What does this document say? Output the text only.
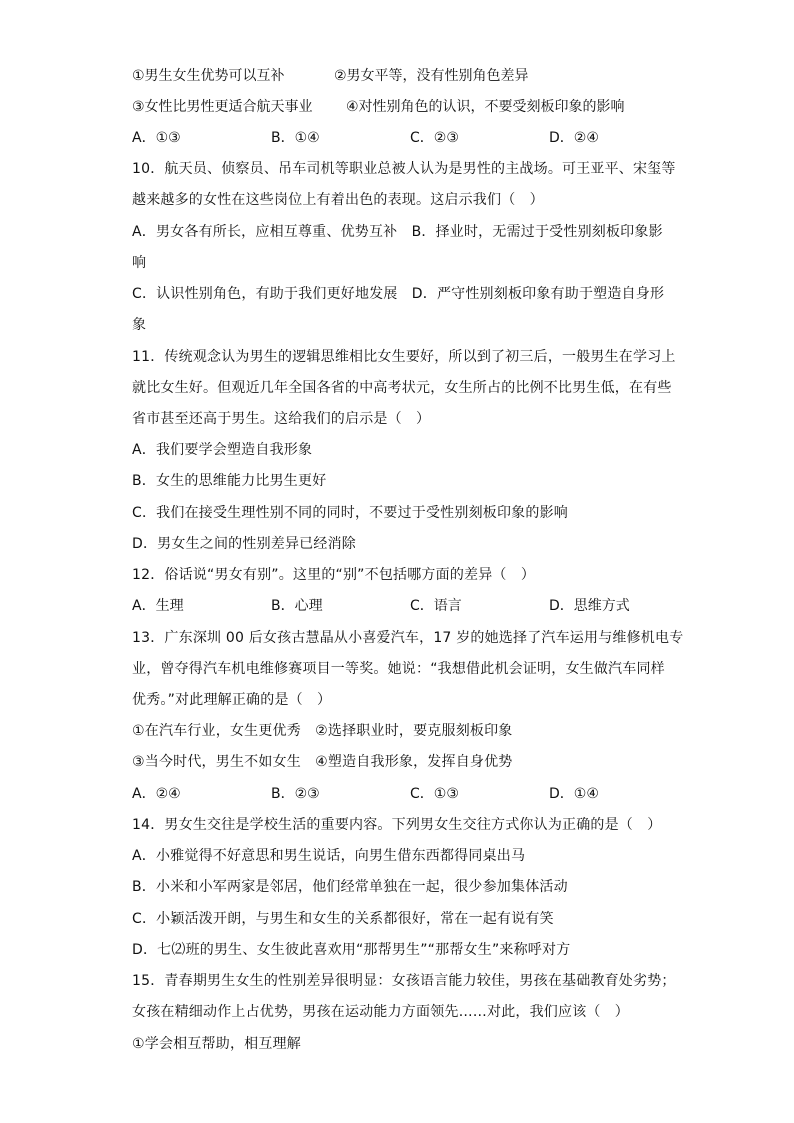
①男生女生优势可以互补	②男女平等，没有性别角色差异
③女性比男性更适合航天事业 ④对性别角色的认识，不要受刻板印象的影响
A．①③	B．①④	C．②③	D．②④
10．航天员、侦察员、吊车司机等职业总被人认为是男性的主战场。可王亚平、宋玺等
越来越多的女性在这些岗位上有着出色的表现。这启示我们（　）
A．男女各有所长，应相互尊重、优势互补　B．择业时，无需过于受性别刻板印象影
响
C．认识性别角色，有助于我们更好地发展　D．严守性别刻板印象有助于塑造自身形
象
11．传统观念认为男生的逻辑思维相比女生要好，所以到了初三后，一般男生在学习上
就比女生好。但观近几年全国各省的中高考状元，女生所占的比例不比男生低，在有些
省市甚至还高于男生。这给我们的启示是（　）
A．我们要学会塑造自我形象
B．女生的思维能力比男生更好
C．我们在接受生理性别不同的同时，不要过于受性别刻板印象的影响
D．男女生之间的性别差异已经消除
12．俗话说“男女有别”。这里的“别”不包括哪方面的差异（　）
A．生理	B．心理	C．语言	D．思维方式
13．广东深圳 00 后女孩古慧晶从小喜爱汽车，17 岁的她选择了汽车运用与维修机电专
业，曾夺得汽车机电维修赛项目一等奖。她说：“我想借此机会证明，女生做汽车同样
优秀。”对此理解正确的是（　）
①在汽车行业，女生更优秀　②选择职业时，要克服刻板印象
③当今时代，男生不如女生　④塑造自我形象，发挥自身优势
A．②④	B．②③	C．①③	D．①④
14．男女生交往是学校生活的重要内容。下列男女生交往方式你认为正确的是（　）
A．小雅觉得不好意思和男生说话，向男生借东西都得同桌出马
B．小米和小军两家是邻居，他们经常单独在一起，很少参加集体活动
C．小颖活泼开朗，与男生和女生的关系都很好，常在一起有说有笑
D．七⑵班的男生、女生彼此喜欢用“那帮男生”“那帮女生”来称呼对方
15．青春期男生女生的性别差异很明显：女孩语言能力较佳，男孩在基础教育处劣势；
女孩在精细动作上占优势，男孩在运动能力方面领先……对此，我们应该（　）
①学会相互帮助，相互理解
